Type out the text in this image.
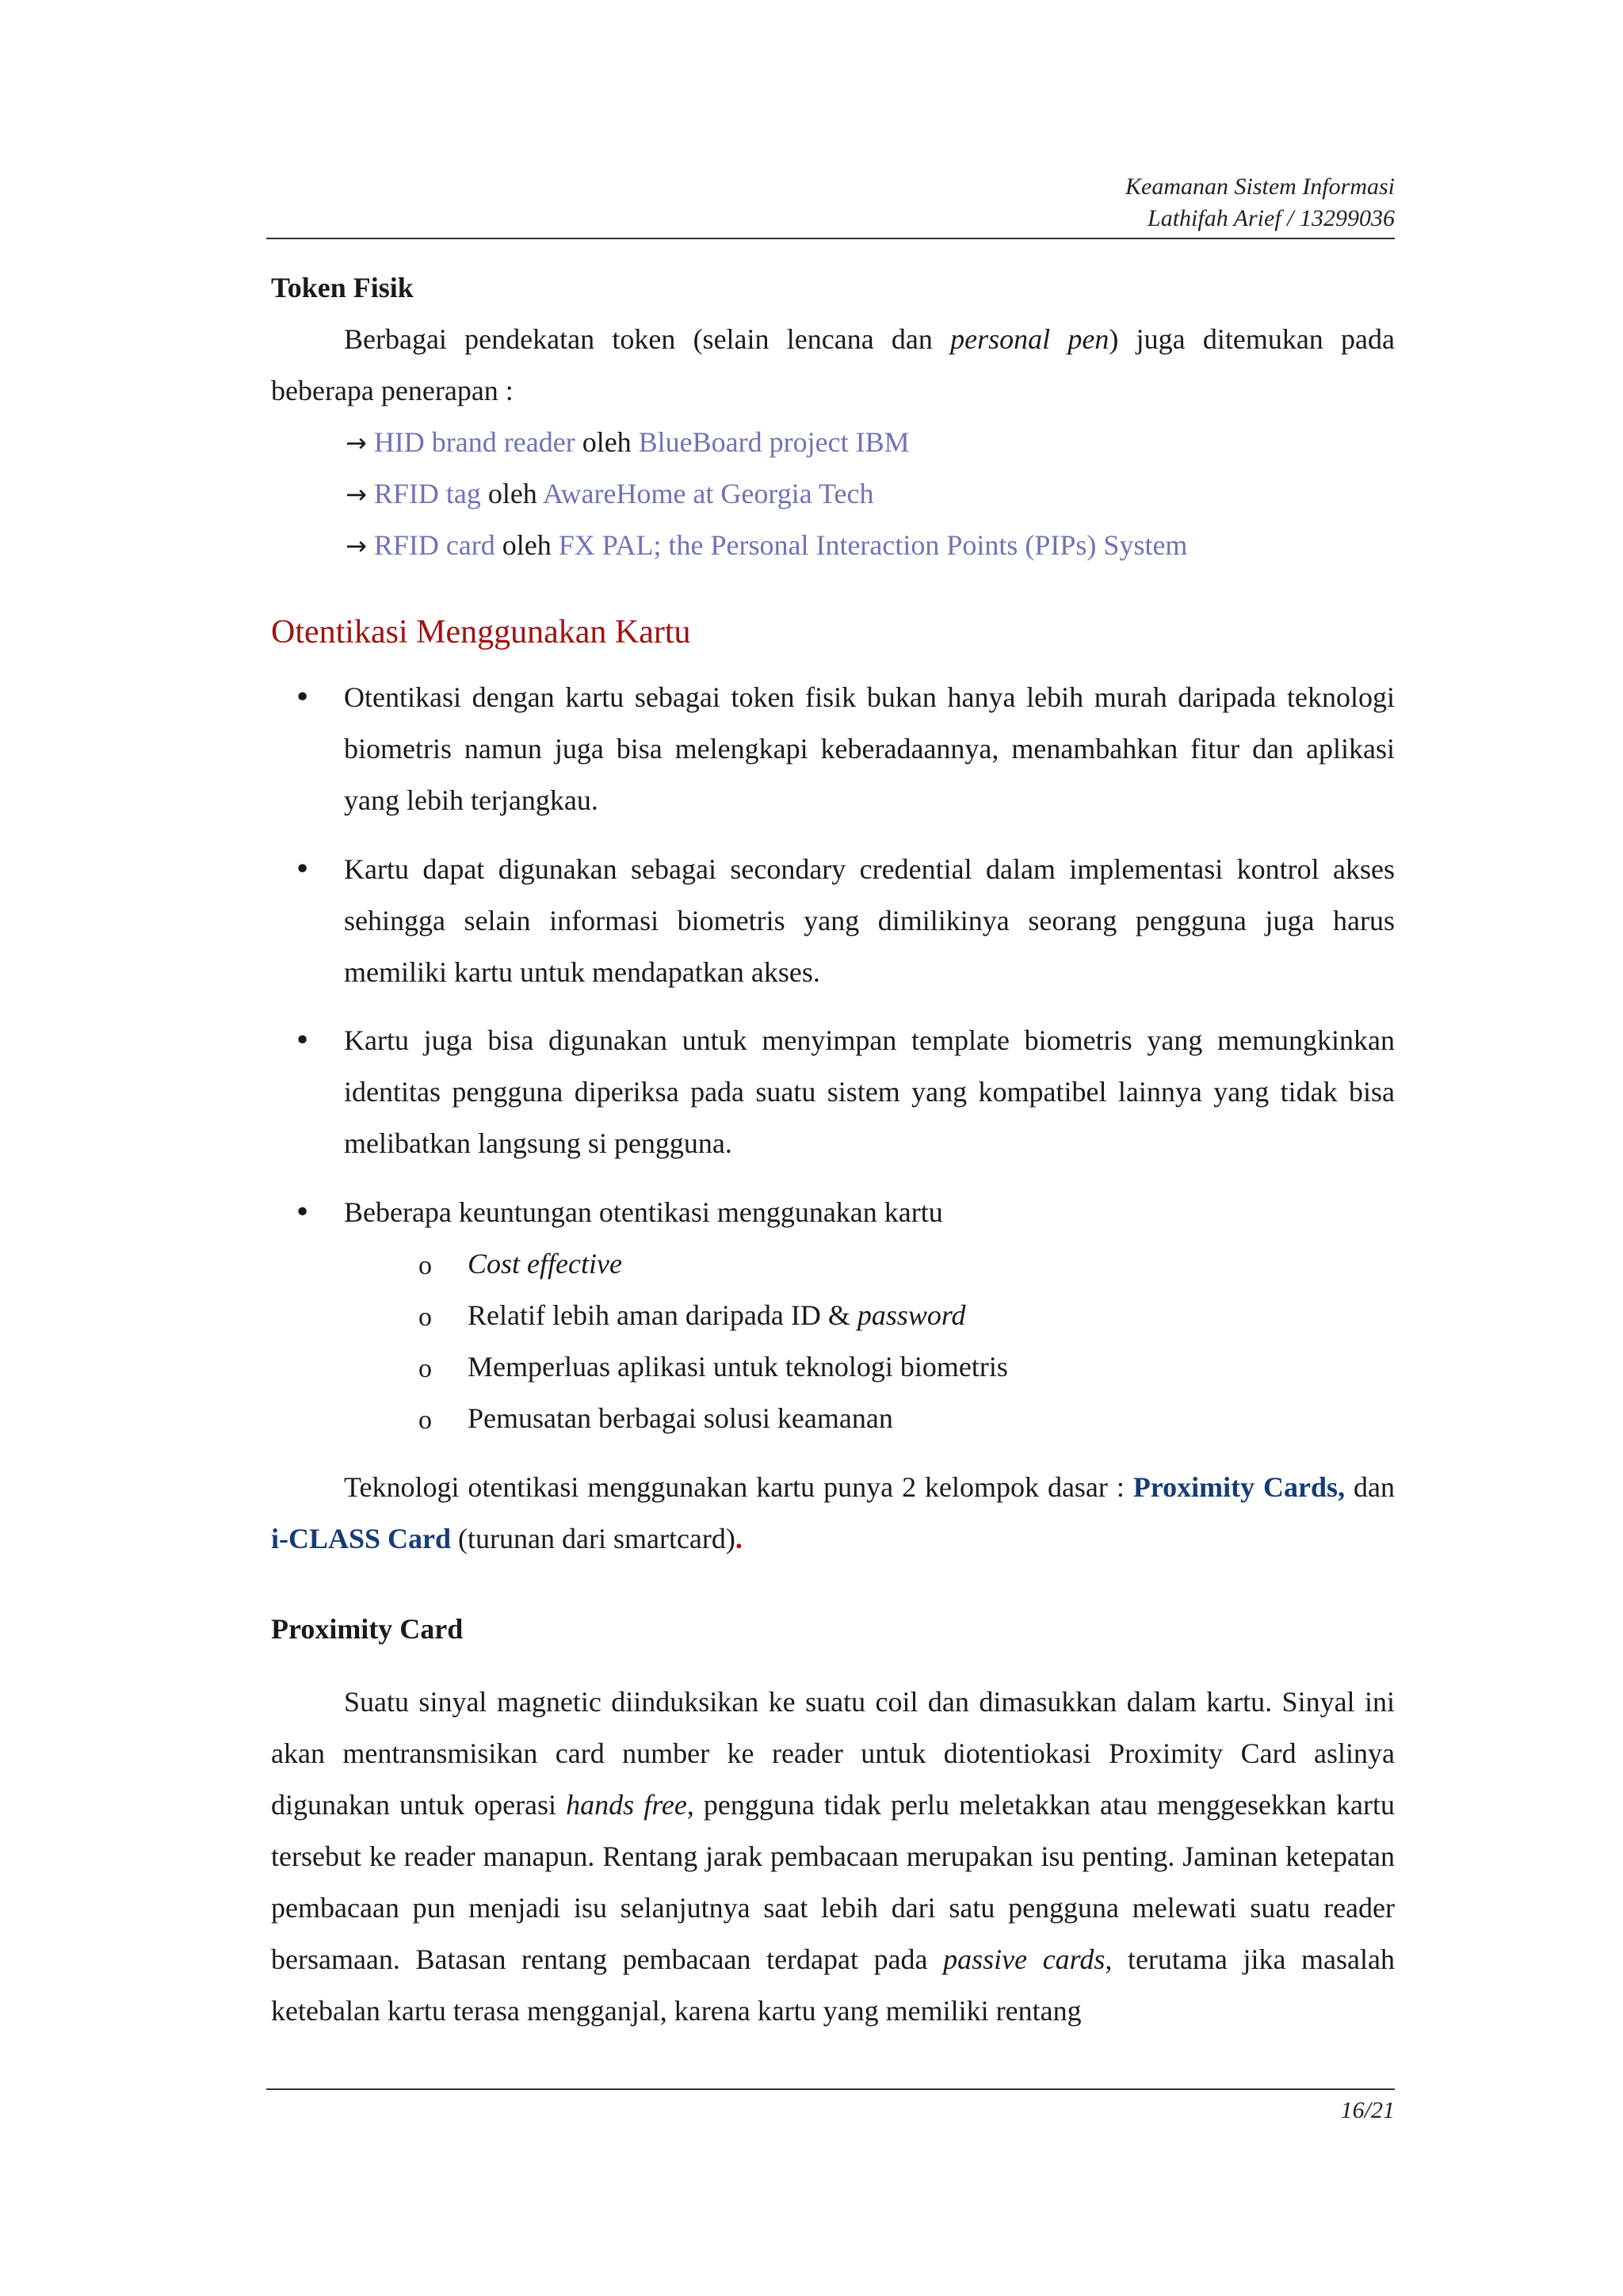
Keamanan Sistem Informasi
Lathifah Arief / 13299036
Token Fisik
Berbagai pendekatan token (selain lencana dan personal pen) juga ditemukan pada beberapa penerapan :
→ HID brand reader oleh BlueBoard project IBM
→ RFID tag oleh AwareHome at Georgia Tech
→ RFID card oleh FX PAL; the Personal Interaction Points (PIPs) System
Otentikasi Menggunakan Kartu
• Otentikasi dengan kartu sebagai token fisik bukan hanya lebih murah daripada teknologi biometris namun juga bisa melengkapi keberadaannya, menambahkan fitur dan aplikasi yang lebih terjangkau.
• Kartu dapat digunakan sebagai secondary credential dalam implementasi kontrol akses sehingga selain informasi biometris yang dimilikinya seorang pengguna juga harus memiliki kartu untuk mendapatkan akses.
• Kartu juga bisa digunakan untuk menyimpan template biometris yang memungkinkan identitas pengguna diperiksa pada suatu sistem yang kompatibel lainnya yang tidak bisa melibatkan langsung si pengguna.
• Beberapa keuntungan otentikasi menggunakan kartu
o Cost effective
o Relatif lebih aman daripada ID & password
o Memperluas aplikasi untuk teknologi biometris
o Pemusatan berbagai solusi keamanan
Teknologi otentikasi menggunakan kartu punya 2 kelompok dasar : Proximity Cards, dan i-CLASS Card (turunan dari smartcard).
Proximity Card
Suatu sinyal magnetic diinduksikan ke suatu coil dan dimasukkan dalam kartu. Sinyal ini akan mentransmisikan card number ke reader untuk diotentiokasi Proximity Card aslinya digunakan untuk operasi hands free, pengguna tidak perlu meletakkan atau menggesekkan kartu tersebut ke reader manapun. Rentang jarak pembacaan merupakan isu penting. Jaminan ketepatan pembacaan pun menjadi isu selanjutnya saat lebih dari satu pengguna melewati suatu reader bersamaan. Batasan rentang pembacaan terdapat pada passive cards, terutama jika masalah ketebalan kartu terasa mengganjal, karena kartu yang memiliki rentang
16/21
